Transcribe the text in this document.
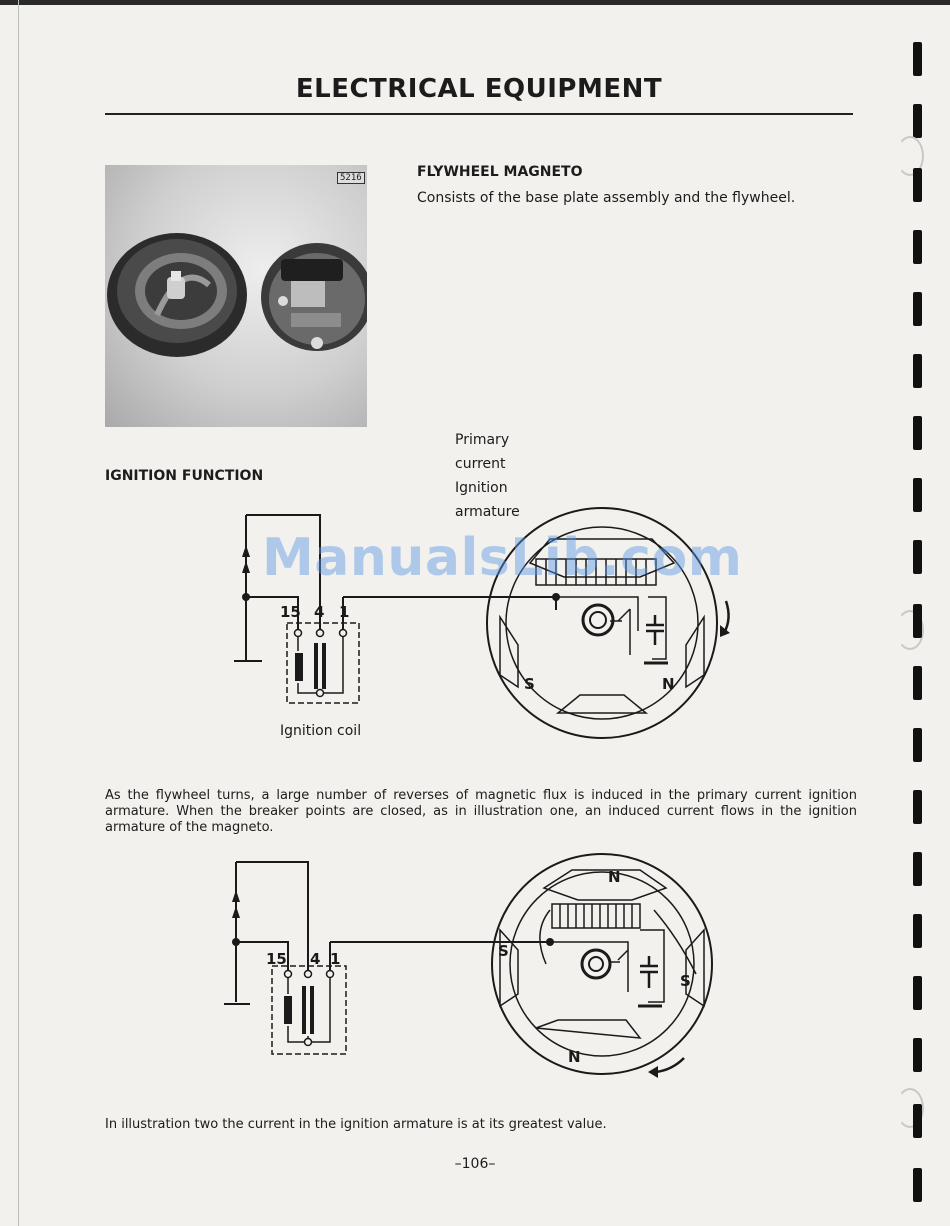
ELECTRICAL EQUIPMENT
5216	FLYWHEEL MAGNETO
Consists of the base plate assembly and the flywheel.
IGNITION FUNCTION
Primary
current
Ignition
armature
15 4 1
Ignition coil
S	N
ManualsLib.com
As the flywheel turns, a large number of reverses of magnetic flux is induced in the primary current ignition armature. When the breaker points are closed, as in illustration one, an induced current flows in the ignition armature of the magneto.
15 4 1
N
S
S
N
In illustration two the current in the ignition armature is at its greatest value.
–106–
